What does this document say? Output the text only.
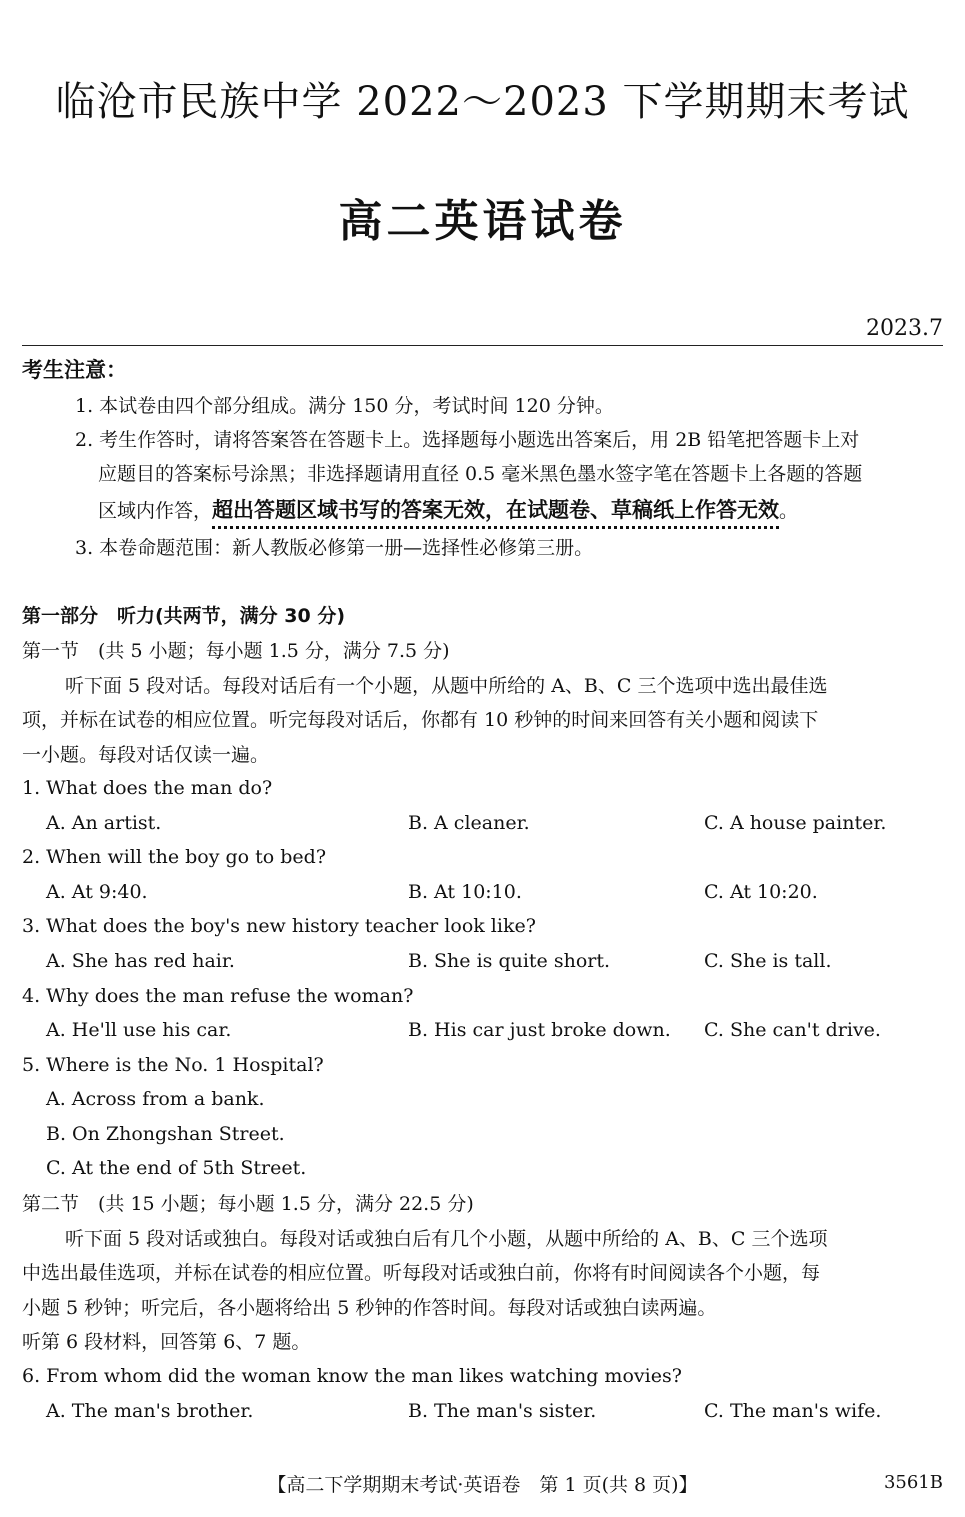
临沧市民族中学 2022～2023 下学期期末考试
高二英语试卷
2023.7
考生注意：
1. 本试卷由四个部分组成。满分 150 分，考试时间 120 分钟。
2. 考生作答时，请将答案答在答题卡上。选择题每小题选出答案后，用 2B 铅笔把答题卡上对
应题目的答案标号涂黑；非选择题请用直径 0.5 毫米黑色墨水签字笔在答题卡上各题的答题
区域内作答，超出答题区域书写的答案无效，在试题卷、草稿纸上作答无效。
3. 本卷命题范围：新人教版必修第一册—选择性必修第三册。
第一部分　听力(共两节，满分 30 分)
第一节　(共 5 小题；每小题 1.5 分，满分 7.5 分)
听下面 5 段对话。每段对话后有一个小题，从题中所给的 A、B、C 三个选项中选出最佳选
项，并标在试卷的相应位置。听完每段对话后，你都有 10 秒钟的时间来回答有关小题和阅读下
一小题。每段对话仅读一遍。
1. What does the man do?
A. An artist.	B. A cleaner.	C. A house painter.
2. When will the boy go to bed?
A. At 9:40.	B. At 10:10.	C. At 10:20.
3. What does the boy's new history teacher look like?
A. She has red hair.	B. She is quite short.	C. She is tall.
4. Why does the man refuse the woman?
A. He'll use his car.	B. His car just broke down. C. She can't drive.
5. Where is the No. 1 Hospital?
A. Across from a bank.
B. On Zhongshan Street.
C. At the end of 5th Street.
第二节　(共 15 小题；每小题 1.5 分，满分 22.5 分)
听下面 5 段对话或独白。每段对话或独白后有几个小题，从题中所给的 A、B、C 三个选项
中选出最佳选项，并标在试卷的相应位置。听每段对话或独白前，你将有时间阅读各个小题，每
小题 5 秒钟；听完后，各小题将给出 5 秒钟的作答时间。每段对话或独白读两遍。
听第 6 段材料，回答第 6、7 题。
6. From whom did the woman know the man likes watching movies?
A. The man's brother.	B. The man's sister.	C. The man's wife.
【高二下学期期末考试·英语卷　第 1 页(共 8 页)】	3561B
